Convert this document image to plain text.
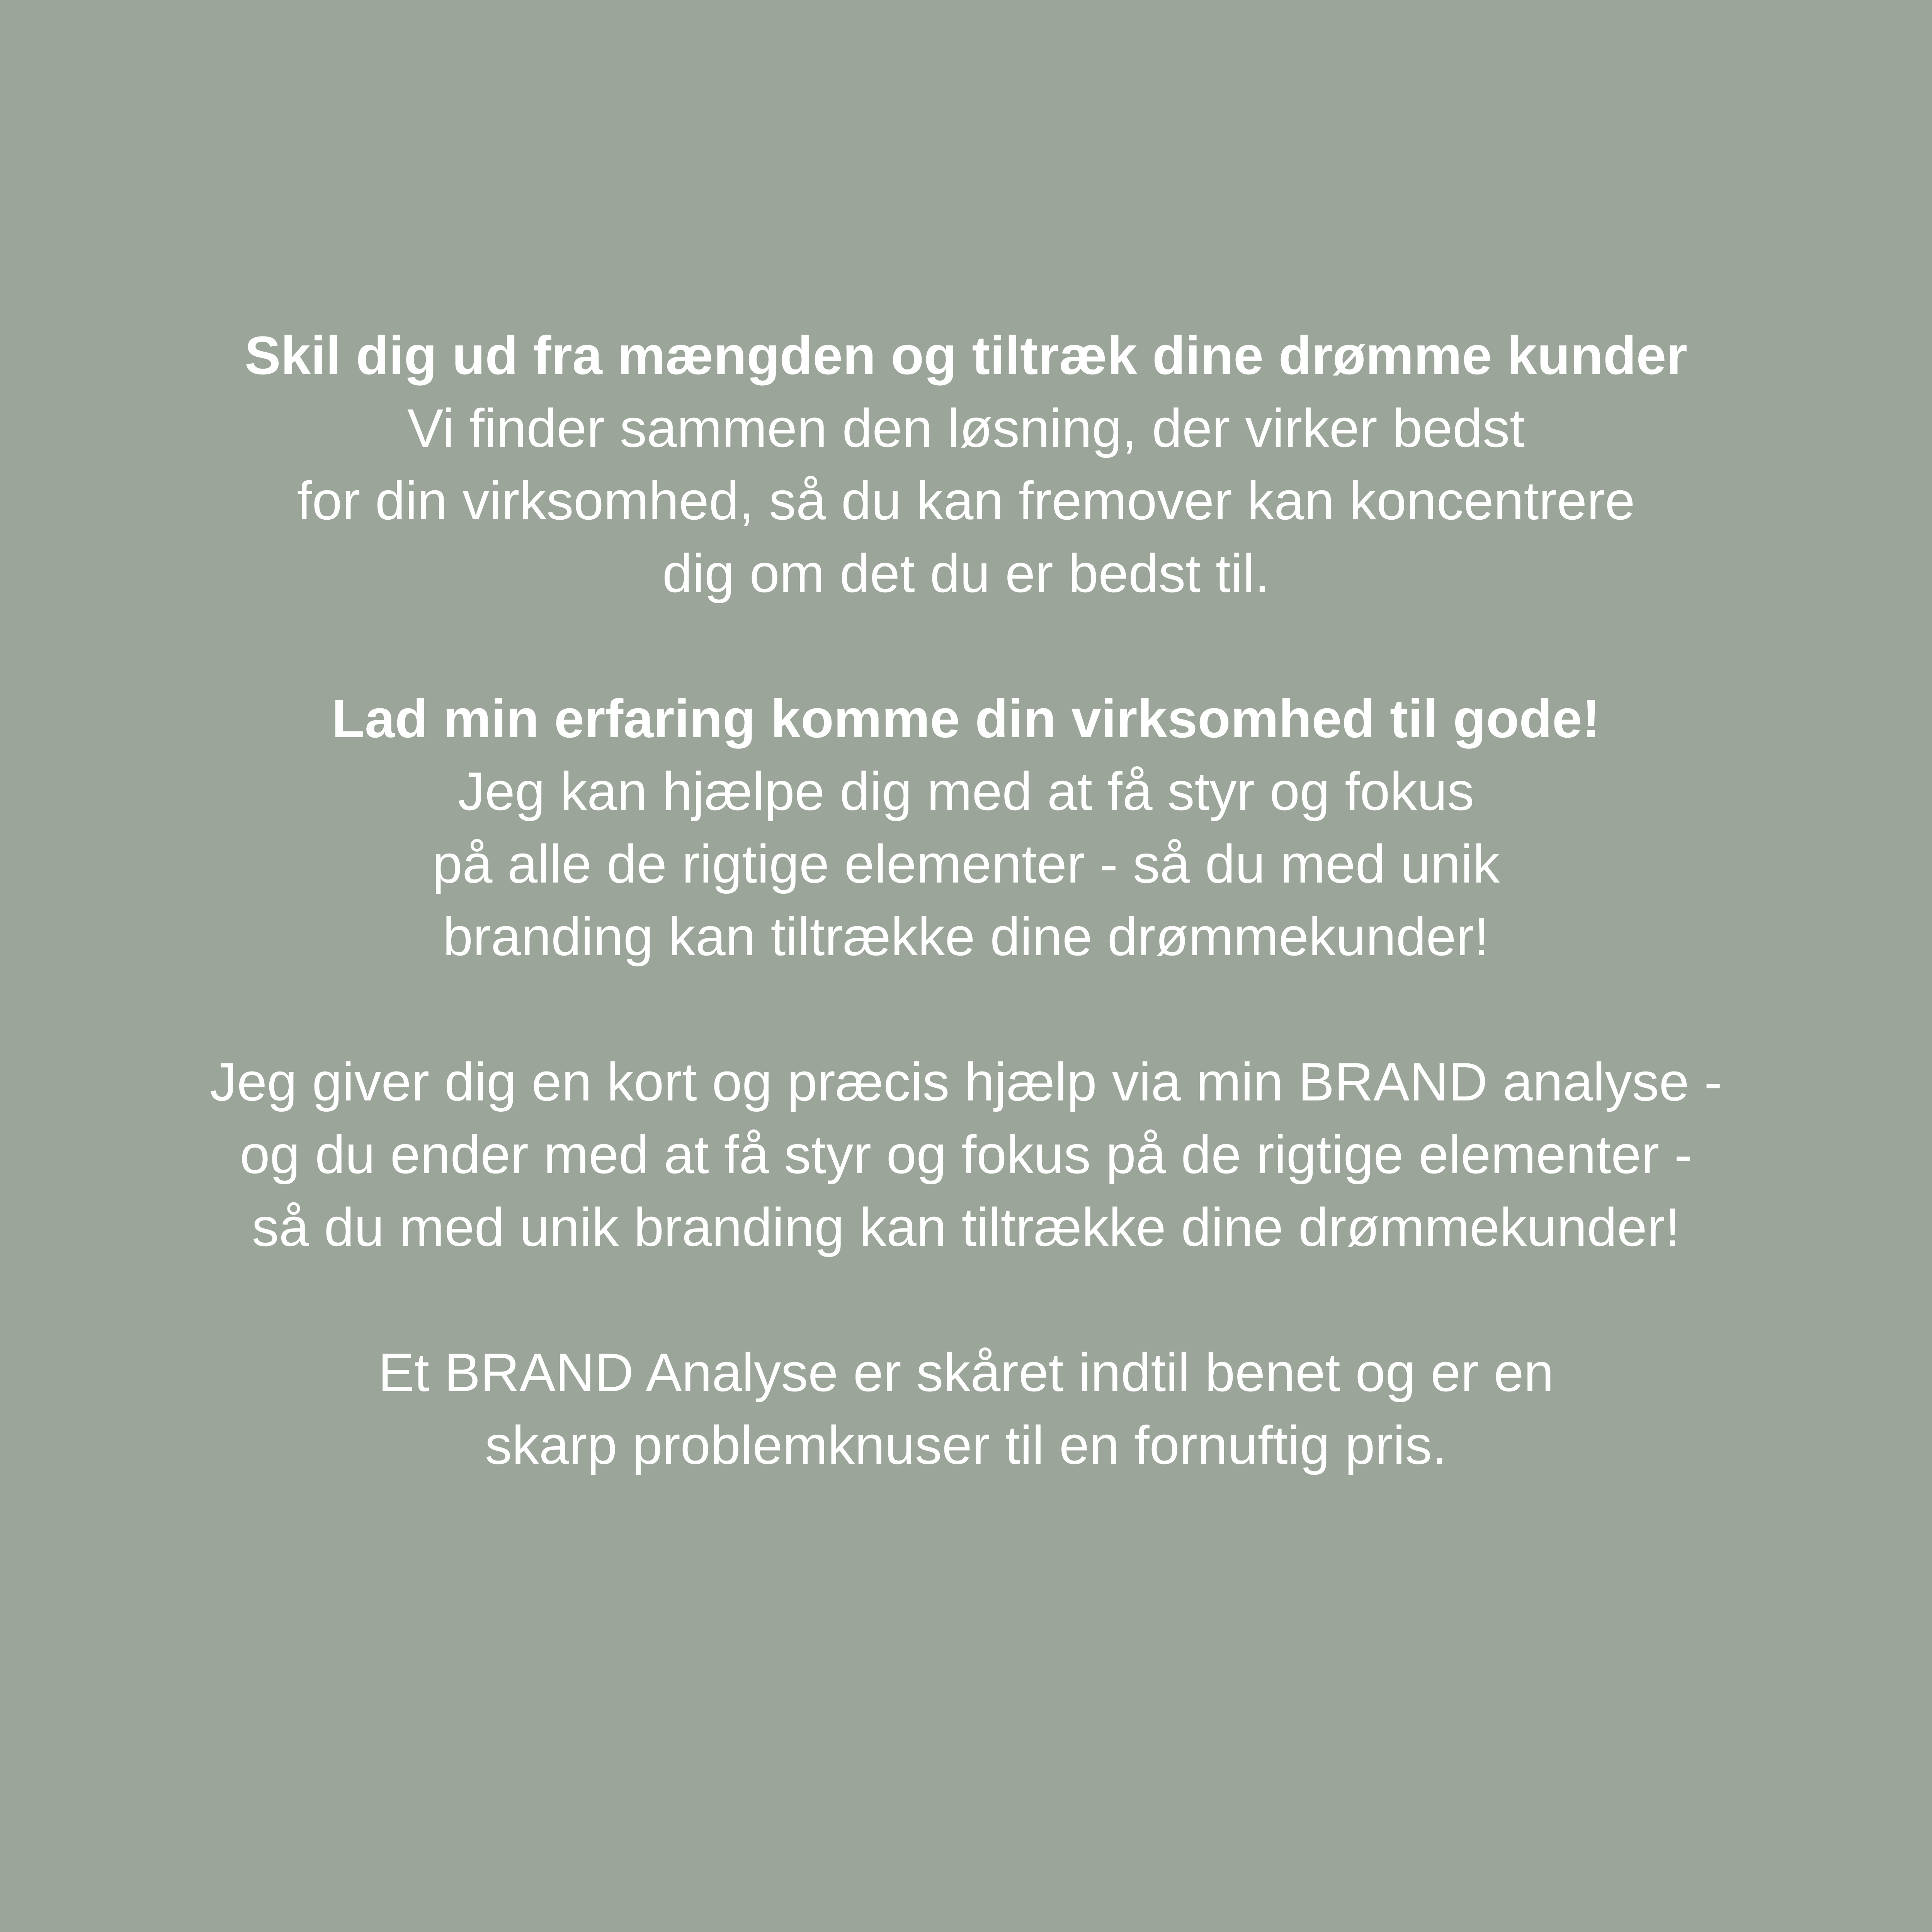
Skil dig ud fra mængden og tiltræk dine drømme kunder
Vi finder sammen den løsning, der virker bedst
for din virksomhed, så du kan fremover kan koncentrere
dig om det du er bedst til.
Lad min erfaring komme din virksomhed til gode!
Jeg kan hjælpe dig med at få styr og fokus
på alle de rigtige elementer - så du med unik
branding kan tiltrække dine drømmekunder!
Jeg giver dig en kort og præcis hjælp via min BRAND analyse -
og du ender med at få styr og fokus på de rigtige elementer -
så du med unik branding kan tiltrække dine drømmekunder!
Et BRAND Analyse er skåret indtil benet og er en
skarp problemknuser til en fornuftig pris.
